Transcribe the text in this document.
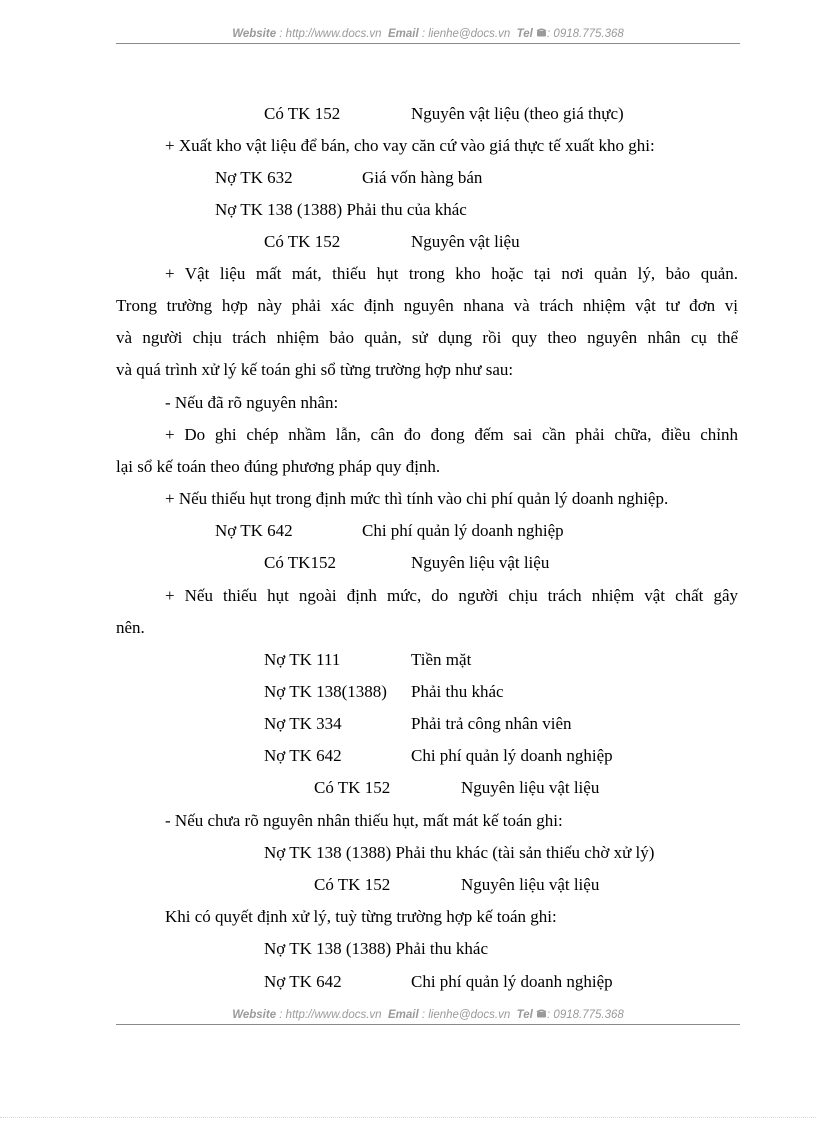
Website : http://www.docs.vn Email : lienhe@docs.vn Tel : 0918.775.368
Có TK 152	Nguyên vật liệu (theo giá thực)
+ Xuất kho vật liệu để bán, cho vay căn cứ vào giá thực tế xuất kho ghi:
Nợ TK 632	Giá vốn hàng bán
Nợ TK 138 (1388) Phải thu của khác
Có TK 152	Nguyên vật liệu
+ Vật liệu mất mát, thiếu hụt trong kho hoặc tại nơi quản lý, bảo quản.
Trong trường hợp này phải xác định nguyên nhana và trách nhiệm vật tư đơn vị
và người chịu trách nhiệm bảo quản, sử dụng rồi quy theo nguyên nhân cụ thể
và quá trình xử lý kế toán ghi sổ từng trường hợp như sau:
- Nếu đã rõ nguyên nhân:
+ Do ghi chép nhầm lẫn, cân đo đong đếm sai cần phải chữa, điều chỉnh
lại sổ kế toán theo đúng phương pháp quy định.
+ Nếu thiếu hụt trong định mức thì tính vào chi phí quản lý doanh nghiệp.
Nợ TK 642	Chi phí quản lý doanh nghiệp
Có TK152	Nguyên liệu vật liệu
+ Nếu thiếu hụt ngoài định mức, do người chịu trách nhiệm vật chất gây
nên.
Nợ TK 111	Tiền mặt
Nợ TK 138(1388) Phải thu khác
Nợ TK 334	Phải trả công nhân viên
Nợ TK 642	Chi phí quản lý doanh nghiệp
Có TK 152	Nguyên liệu vật liệu
- Nếu chưa rõ nguyên nhân thiếu hụt, mất mát kế toán ghi:
Nợ TK 138 (1388) Phải thu khác (tài sản thiếu chờ xử lý)
Có TK 152	Nguyên liệu vật liệu
Khi có quyết định xử lý, tuỳ từng trường hợp kế toán ghi:
Nợ TK 138 (1388) Phải thu khác
Nợ TK 642	Chi phí quản lý doanh nghiệp
Website : http://www.docs.vn Email : lienhe@docs.vn Tel : 0918.775.368
